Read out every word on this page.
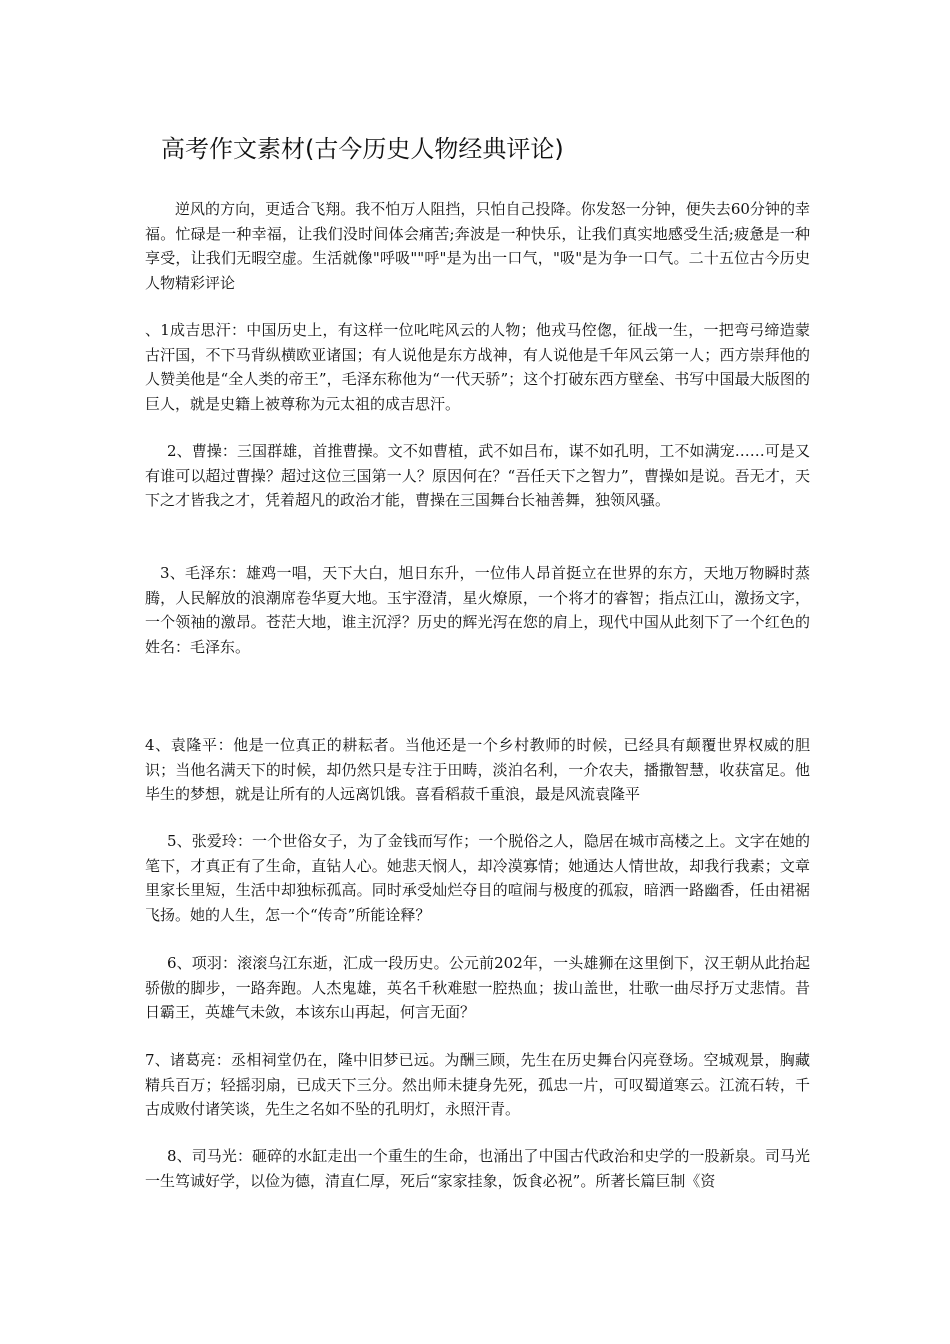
高考作文素材(古今历史人物经典评论)

逆风的方向，更适合飞翔。我不怕万人阻挡，只怕自己投降。你发怒一分钟，便失去60分钟的幸福。忙碌是一种幸福，让我们没时间体会痛苦;奔波是一种快乐，让我们真实地感受生活;疲惫是一种享受，让我们无暇空虚。生活就像"呼吸""呼"是为出一口气，"吸"是为争一口气。二十五位古今历史人物精彩评论

、1成吉思汗：中国历史上，有这样一位叱咤风云的人物；他戎马倥偬，征战一生，一把弯弓缔造蒙古汗国，不下马背纵横欧亚诸国；有人说他是东方战神，有人说他是千年风云第一人；西方崇拜他的人赞美他是“全人类的帝王”，毛泽东称他为“一代天骄”；这个打破东西方壁垒、书写中国最大版图的巨人，就是史籍上被尊称为元太祖的成吉思汗。

2、曹操：三国群雄，首推曹操。文不如曹植，武不如吕布，谋不如孔明，工不如满宠……可是又有谁可以超过曹操？超过这位三国第一人？原因何在？“吾任天下之智力”，曹操如是说。吾无才，天下之才皆我之才，凭着超凡的政治才能，曹操在三国舞台长袖善舞，独领风骚。

3、毛泽东：雄鸡一唱，天下大白，旭日东升，一位伟人昂首挺立在世界的东方，天地万物瞬时蒸腾，人民解放的浪潮席卷华夏大地。玉宇澄清，星火燎原，一个将才的睿智；指点江山，激扬文字，一个领袖的激昂。苍茫大地，谁主沉浮？历史的辉光泻在您的肩上，现代中国从此刻下了一个红色的姓名：毛泽东。

4、袁隆平：他是一位真正的耕耘者。当他还是一个乡村教师的时候，已经具有颠覆世界权威的胆识；当他名满天下的时候，却仍然只是专注于田畴，淡泊名利，一介农夫，播撒智慧，收获富足。他毕生的梦想，就是让所有的人远离饥饿。喜看稻菽千重浪，最是风流袁隆平

5、张爱玲：一个世俗女子，为了金钱而写作；一个脱俗之人，隐居在城市高楼之上。文字在她的笔下，才真正有了生命，直钻人心。她悲天悯人，却冷漠寡情；她通达人情世故，却我行我素；文章里家长里短，生活中却独标孤高。同时承受灿烂夺目的喧闹与极度的孤寂，暗洒一路幽香，任由裙裾飞扬。她的人生，怎一个“传奇”所能诠释？

6、项羽：滚滚乌江东逝，汇成一段历史。公元前202年，一头雄狮在这里倒下，汉王朝从此抬起骄傲的脚步，一路奔跑。人杰鬼雄，英名千秋难慰一腔热血；拔山盖世，壮歌一曲尽抒万丈悲情。昔日霸王，英雄气未敛，本该东山再起，何言无面？

7、诸葛亮：丞相祠堂仍在，隆中旧梦已远。为酬三顾，先生在历史舞台闪亮登场。空城观景，胸藏精兵百万；轻摇羽扇，已成天下三分。然出师未捷身先死，孤忠一片，可叹蜀道寒云。江流石转，千古成败付诸笑谈，先生之名如不坠的孔明灯，永照汗青。

8、司马光：砸碎的水缸走出一个重生的生命，也涌出了中国古代政治和史学的一股新泉。司马光一生笃诚好学，以俭为德，清直仁厚，死后“家家挂象，饭食必祝”。所著长篇巨制《资
